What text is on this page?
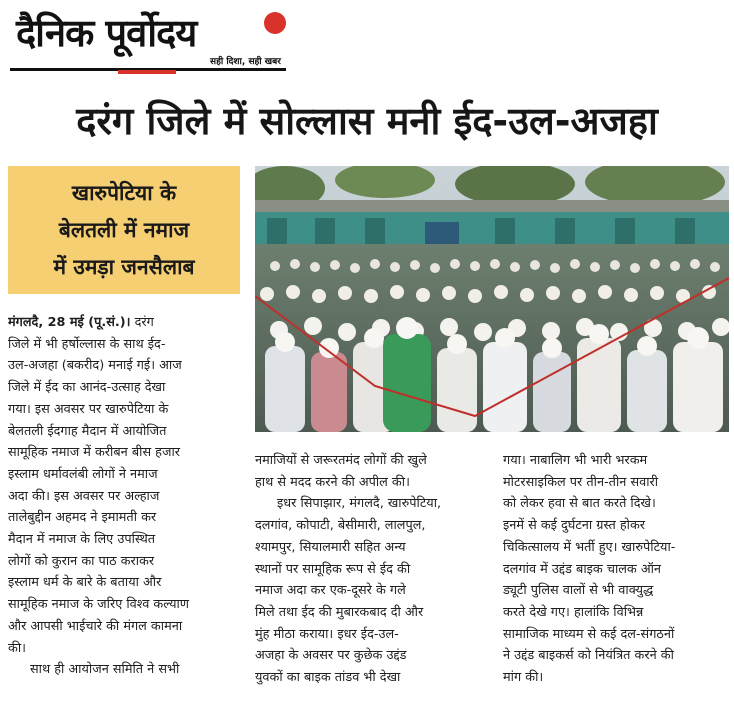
दैनिक पूर्वोदय
सही दिशा, सही खबर
दरंग जिले में सोल्लास मनी ईद-उल-अजहा
खारुपेटिया के
बेलतली में नमाज
में उमड़ा जनसैलाब
मंगलदै, 28 मई (पू.सं.)। दरंग
जिले में भी हर्षोल्लास के साथ ईद-
उल-अजहा (बकरीद) मनाई गई। आज
जिले में ईद का आनंद-उत्साह देखा
गया। इस अवसर पर खारुपेटिया के
बेलतली ईदगाह मैदान में आयोजित
सामूहिक नमाज में करीबन बीस हजार
इस्लाम धर्मावलंबी लोगों ने नमाज
अदा की। इस अवसर पर अल्हाज
तालेबुद्दीन अहमद ने इमामती कर
मैदान में नमाज के लिए उपस्थित
लोगों को कुरान का पाठ कराकर
इस्लाम धर्म के बारे के बताया और
सामूहिक नमाज के जरिए विश्व कल्याण
और आपसी भाईचारे की मंगल कामना
की।
साथ ही आयोजन समिति ने सभी
नमाजियों से जरूरतमंद लोगों की खुले
हाथ से मदद करने की अपील की।
इधर सिपाझार, मंगलदै, खारुपेटिया,
दलगांव, कोपाटी, बेसीमारी, लालपुल,
श्यामपुर, सियालमारी सहित अन्य
स्थानों पर सामूहिक रूप से ईद की
नमाज अदा कर एक-दूसरे के गले
मिले तथा ईद की मुबारकबाद दी और
मुंह मीठा कराया। इधर ईद-उल-
अजहा के अवसर पर कुछेक उद्दंड
युवकों का बाइक तांडव भी देखा
गया। नाबालिग भी भारी भरकम
मोटरसाइकिल पर तीन-तीन सवारी
को लेकर हवा से बात करते दिखे।
इनमें से कई दुर्घटना ग्रस्त होकर
चिकित्सालय में भर्ती हुए। खारुपेटिया-
दलगांव में उद्दंड बाइक चालक ऑन
ड्यूटी पुलिस वालों से भी वाक्युद्ध
करते देखे गए। हालांकि विभिन्न
सामाजिक माध्यम से कई दल-संगठनों
ने उद्दंड बाइकर्स को नियंत्रित करने की
मांग की।
